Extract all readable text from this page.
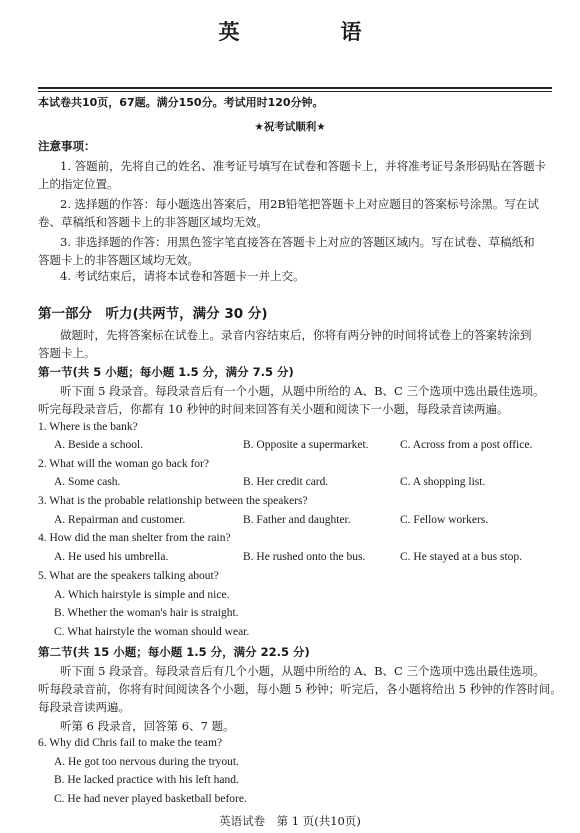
英　语
本试卷共10页，67题。满分150分。考试用时120分钟。
★祝考试顺利★
注意事项：
1. 答题前，先将自己的姓名、准考证号填写在试卷和答题卡上，并将准考证号条形码贴在答题卡
上的指定位置。
2. 选择题的作答：每小题选出答案后，用2B铅笔把答题卡上对应题目的答案标号涂黑。写在试
卷、草稿纸和答题卡上的非答题区域均无效。
3. 非选择题的作答：用黑色签字笔直接答在答题卡上对应的答题区域内。写在试卷、草稿纸和
答题卡上的非答题区域均无效。
4. 考试结束后，请将本试卷和答题卡一并上交。
第一部分　听力(共两节，满分 30 分)
做题时，先将答案标在试卷上。录音内容结束后，你将有两分钟的时间将试卷上的答案转涂到
答题卡上。
第一节(共 5 小题；每小题 1.5 分，满分 7.5 分)
听下面 5 段录音。每段录音后有一个小题，从题中所给的 A、B、C 三个选项中选出最佳选项。
听完每段录音后，你都有 10 秒钟的时间来回答有关小题和阅读下一小题，每段录音读两遍。
1. Where is the bank?
A. Beside a school.	B. Opposite a supermarket.	C. Across from a post office.
2. What will the woman go back for?
A. Some cash.	B. Her credit card.	C. A shopping list.
3. What is the probable relationship between the speakers?
A. Repairman and customer.	B. Father and daughter.	C. Fellow workers.
4. How did the man shelter from the rain?
A. He used his umbrella.	B. He rushed onto the bus.	C. He stayed at a bus stop.
5. What are the speakers talking about?
A. Which hairstyle is simple and nice.
B. Whether the woman's hair is straight.
C. What hairstyle the woman should wear.
第二节(共 15 小题；每小题 1.5 分，满分 22.5 分)
听下面 5 段录音。每段录音后有几个小题，从题中所给的 A、B、C 三个选项中选出最佳选项。
听每段录音前，你将有时间阅读各个小题，每小题 5 秒钟；听完后，各小题将给出 5 秒钟的作答时间。
每段录音读两遍。
听第 6 段录音，回答第 6、7 题。
6. Why did Chris fail to make the team?
A. He got too nervous during the tryout.
B. He lacked practice with his left hand.
C. He had never played basketball before.
英语试卷　第 1 页(共10页)
